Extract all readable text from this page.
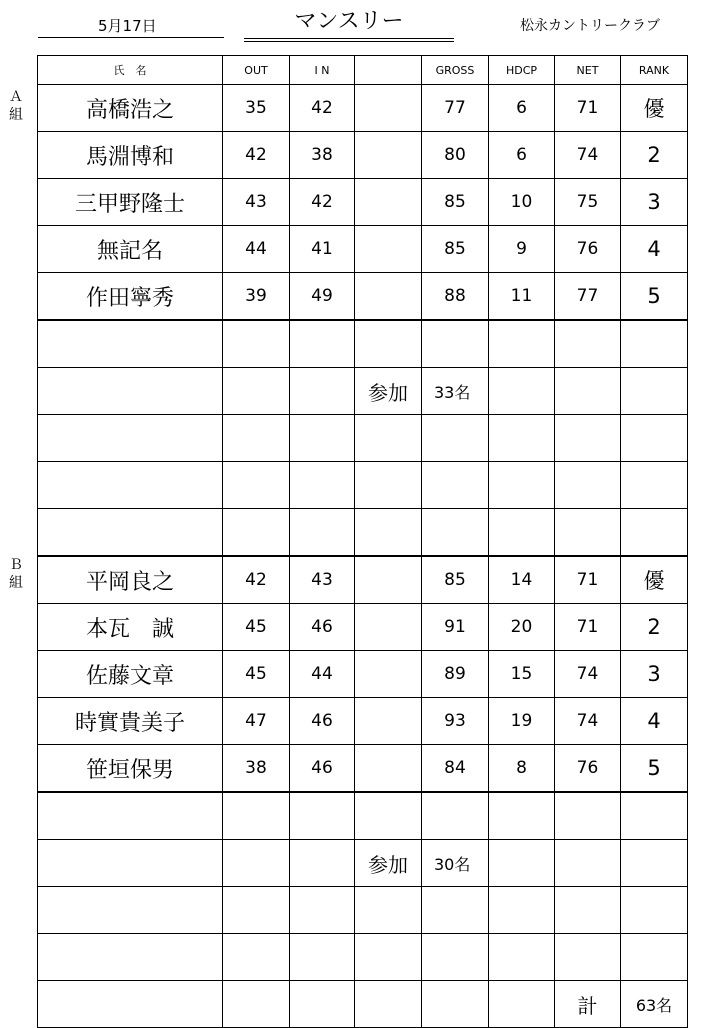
5月17日	マンスリー	松永カントリークラブ
Ａ組
Ｂ組
氏　名	OUT	I N		GROSS	HDCP	NET	RANK
高橋浩之	35	42		77	6	71	優
馬淵博和	42	38		80	6	74	2
三甲野隆士	43	42		85	10	75	3
無記名	44	41		85	9	76	4
作田寧秀	39	49		88	11	77	5

			参加	33名			

平岡良之	42	43		85	14	71	優
本瓦　誠	45	46		91	20	71	2
佐藤文章	45	44		89	15	74	3
時實貴美子	47	46		93	19	74	4
笹垣保男	38	46		84	8	76	5

			参加	30名			

						計	63名
